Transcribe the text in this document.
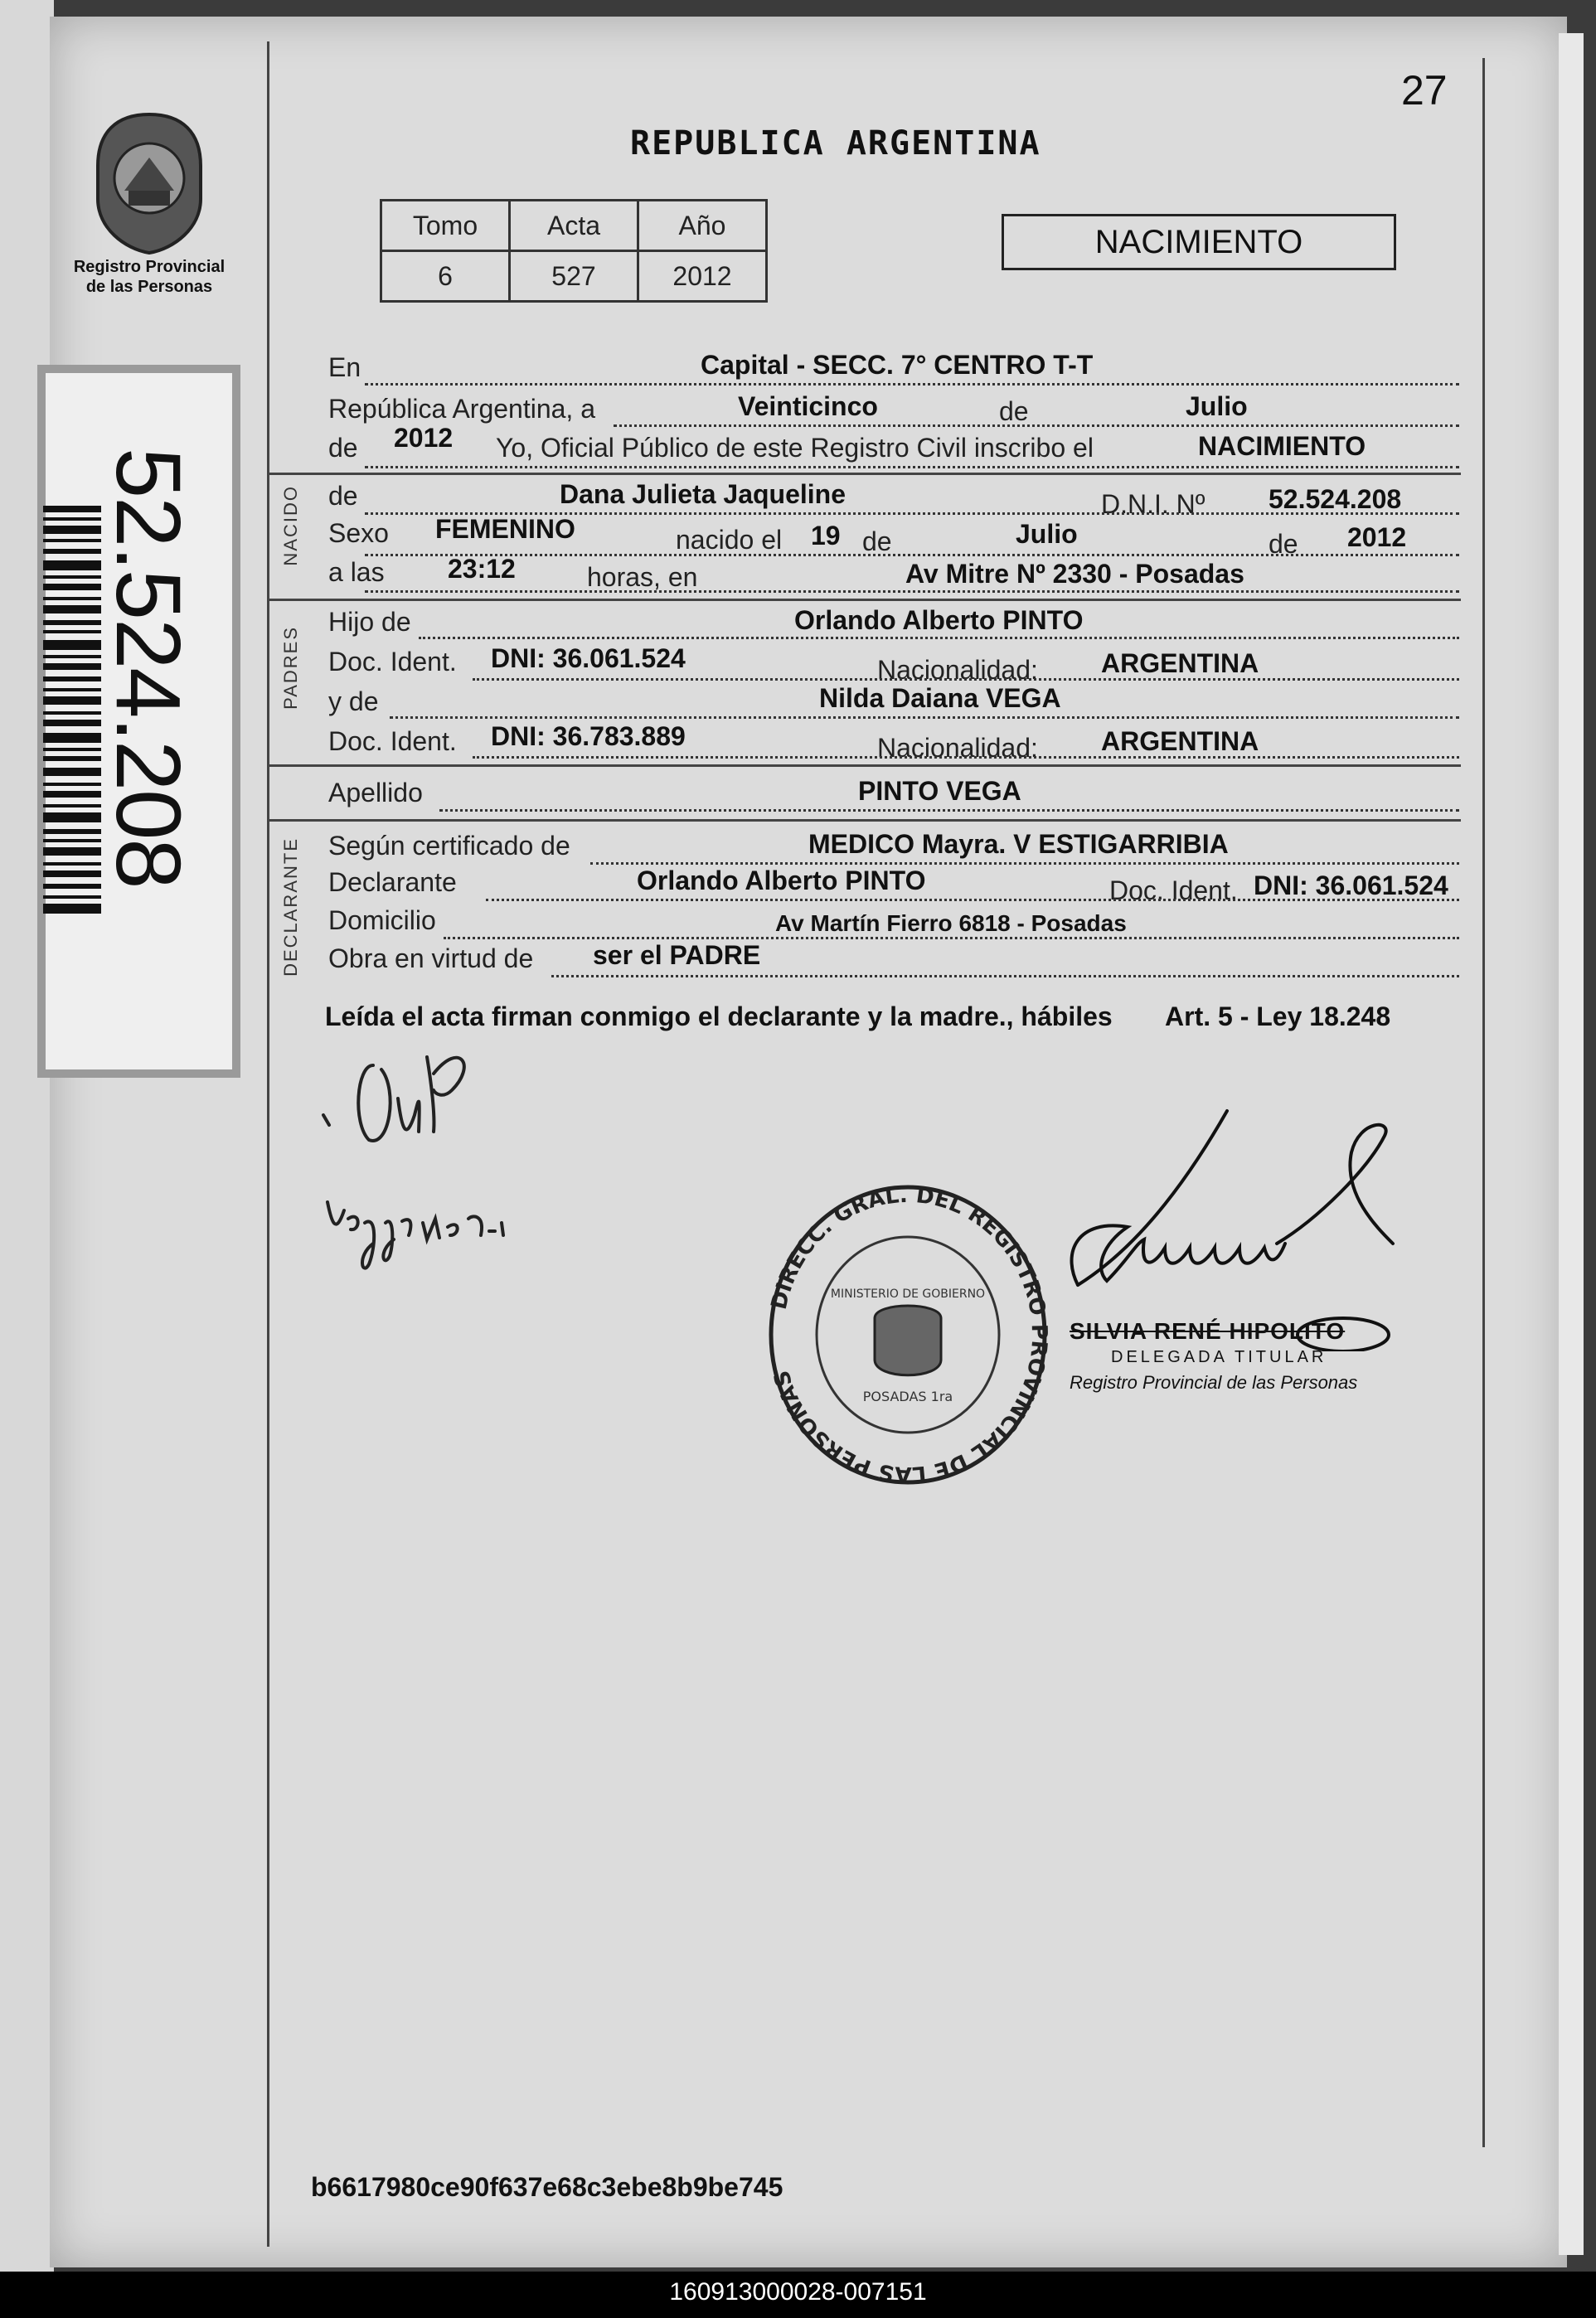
27
REPUBLICA ARGENTINA
Registro Provincial
de las Personas
52.524.208
Tomo	Acta	Año
6	527	2012
NACIMIENTO
En	Capital - SECC. 7° CENTRO T-T
República Argentina, a	Veinticinco	de	Julio
de 2012 Yo, Oficial Público de este Registro Civil inscribo el	NACIMIENTO
NACIDO de	Dana Julieta Jaqueline	D.N.I. Nº 52.524.208
Sexo FEMENINO	nacido el 19 de	Julio	de 2012
a las 23:12	horas, en	Av Mitre Nº 2330 - Posadas
PADRES
Hijo de	Orlando Alberto PINTO
Doc. Ident. DNI: 36.061.524	Nacionalidad: ARGENTINA
y de	Nilda Daiana VEGA
Doc. Ident. DNI: 36.783.889	Nacionalidad: ARGENTINA
Apellido	PINTO VEGA
DECLARANTE Según certificado de	MEDICO Mayra. V ESTIGARRIBIA
Declarante	Orlando Alberto PINTO	Doc. Ident. DNI: 36.061.524
Domicilio	Av Martín Fierro 6818 - Posadas
Obra en virtud de ser el PADRE
Leída el acta firman conmigo el declarante y la madre., hábiles Art. 5 - Ley 18.248
DIRECC. GRAL. DEL REGISTRO ROVINCIAL DE LAS PERSONAS
MINISTERIO DE GOBIERNO
POSADAS 1ra
SILVIA RENÉ HIPOLITO
DELEGADA TITULAR
Registro Provincial de las Personas
b6617980ce90f637e68c3ebe8b9be745
160913000028-007151
